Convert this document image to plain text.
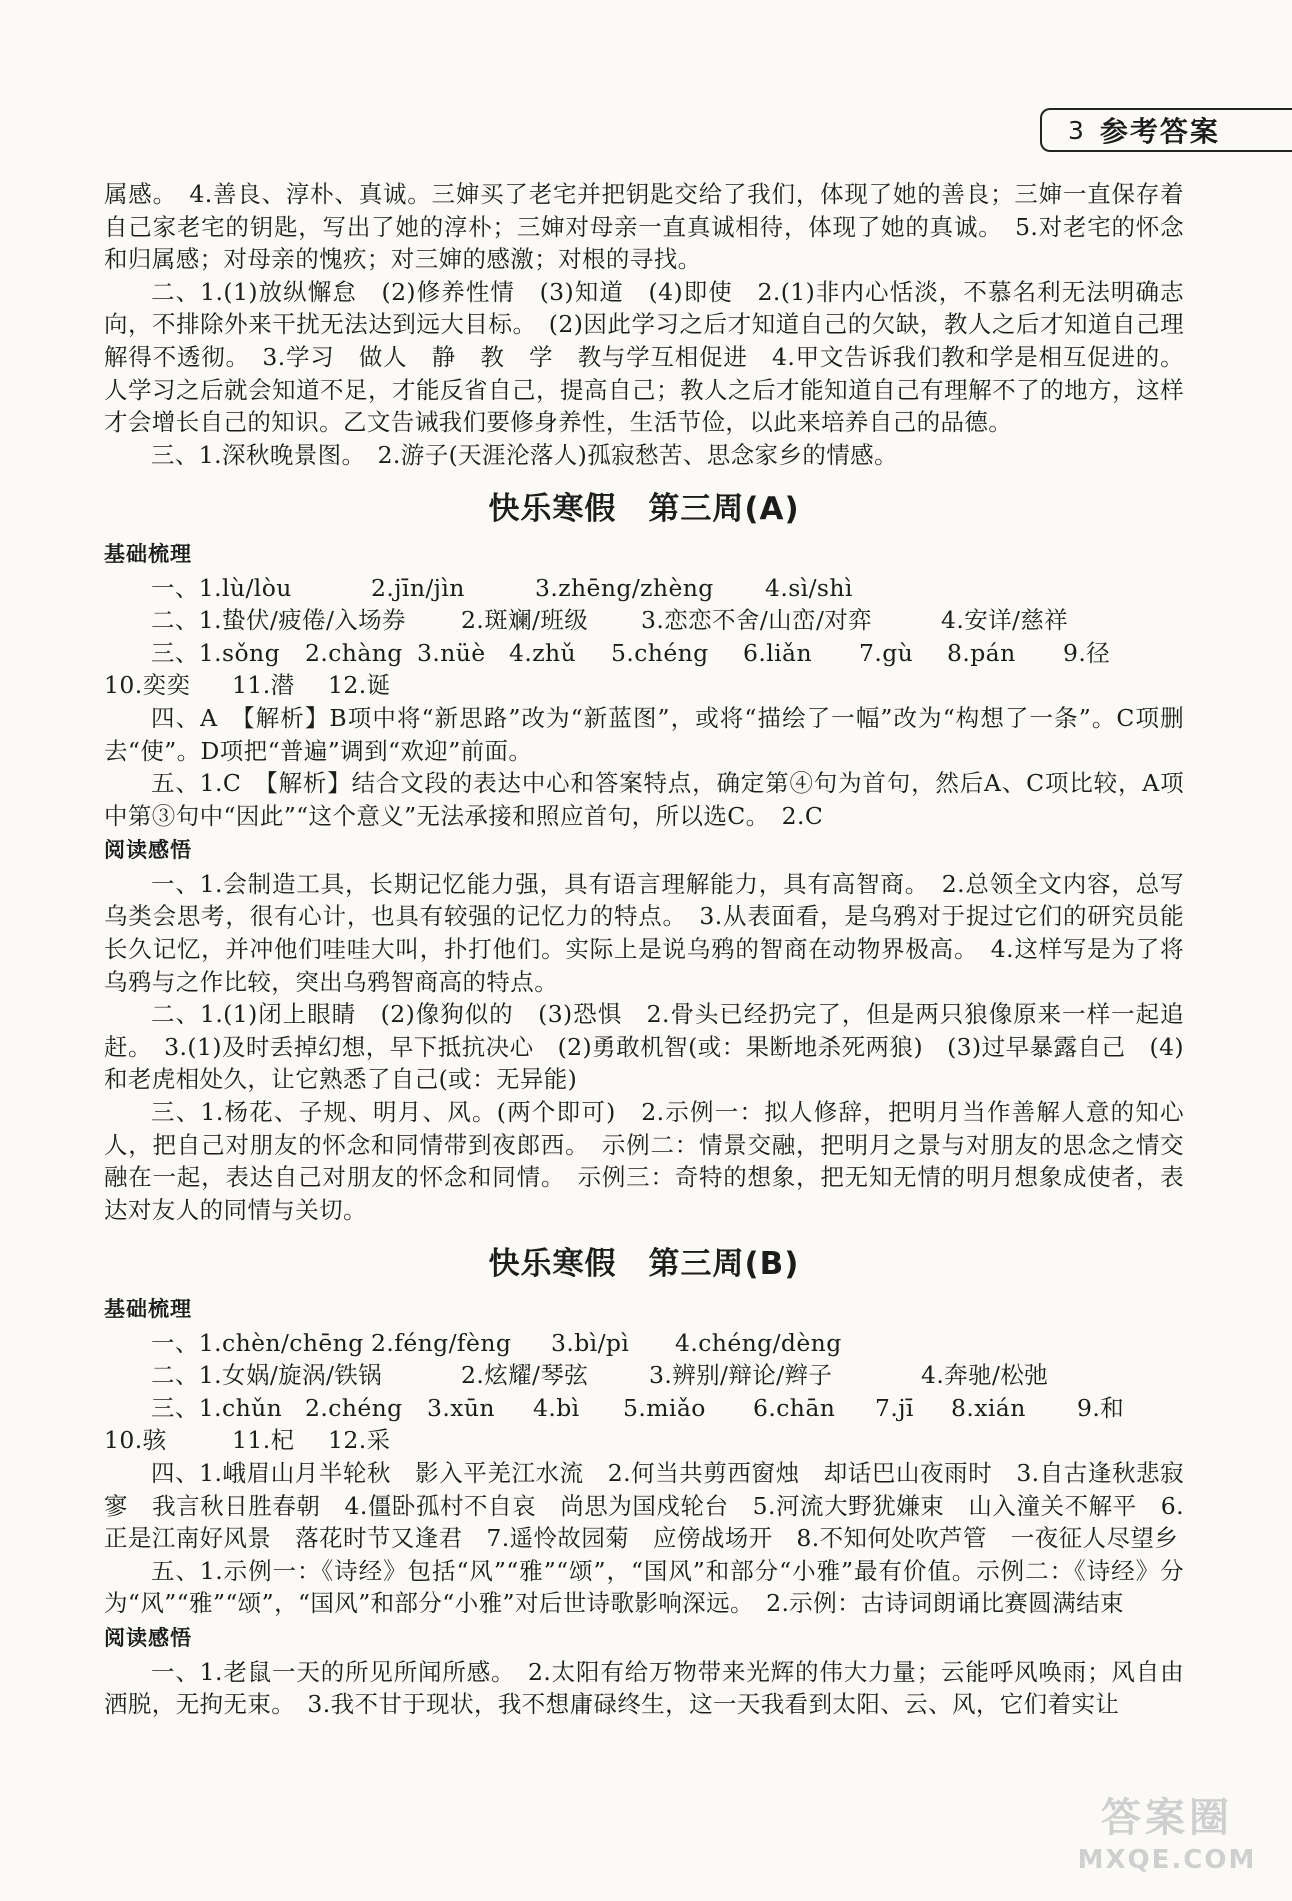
3 参考答案

属感。　4.善良、淳朴、真诚。三婶买了老宅并把钥匙交给了我们，体现了她的善良；三婶一直保存着自己家老宅的钥匙，写出了她的淳朴；三婶对母亲一直真诚相待，体现了她的真诚。　5.对老宅的怀念和归属感；对母亲的愧疚；对三婶的感激；对根的寻找。

二、1.(1)放纵懈怠　(2)修养性情　(3)知道　(4)即使　2.(1)非内心恬淡，不慕名利无法明确志向，不排除外来干扰无法达到远大目标。　(2)因此学习之后才知道自己的欠缺，教人之后才知道自己理解得不透彻。　3.学习　做人　静　教　学　教与学互相促进　4.甲文告诉我们教和学是相互促进的。人学习之后就会知道不足，才能反省自己，提高自己；教人之后才能知道自己有理解不了的地方，这样才会增长自己的知识。乙文告诫我们要修身养性，生活节俭，以此来培养自己的品德。

三、1.深秋晚景图。　2.游子(天涯沦落人)孤寂愁苦、思念家乡的情感。

快乐寒假 第三周(A)
基础梳理
一、1.lù/lòu	2.jīn/jìn	3.zhēng/zhèng	4.sì/shì
二、1.蛰伏/疲倦/入场券	2.斑斓/班级	3.恋恋不舍/山峦/对弈	4.安详/慈祥
三、1.sǒng	2.chàng 3.nüè 4.zhǔ	5.chéng	6.liǎn	7.gù	8.pán	9.径
10.奕奕	11.潜	12.诞

四、A　【解析】B项中将“新思路”改为“新蓝图”，或将“描绘了一幅”改为“构想了一条”。C项删去“使”。D项把“普遍”调到“欢迎”前面。

五、1.C　【解析】结合文段的表达中心和答案特点，确定第④句为首句，然后A、C项比较，A项中第③句中“因此”“这个意义”无法承接和照应首句，所以选C。　2.C

阅读感悟

一、1.会制造工具，长期记忆能力强，具有语言理解能力，具有高智商。　2.总领全文内容，总写乌类会思考，很有心计，也具有较强的记忆力的特点。　3.从表面看，是乌鸦对于捉过它们的研究员能长久记忆，并冲他们哇哇大叫，扑打他们。实际上是说乌鸦的智商在动物界极高。　4.这样写是为了将乌鸦与之作比较，突出乌鸦智商高的特点。

二、1.(1)闭上眼睛　(2)像狗似的　(3)恐惧　2.骨头已经扔完了，但是两只狼像原来一样一起追赶。　3.(1)及时丢掉幻想，早下抵抗决心　(2)勇敢机智(或：果断地杀死两狼)　(3)过早暴露自己　(4)和老虎相处久，让它熟悉了自己(或：无异能)

三、1.杨花、子规、明月、风。(两个即可)　2.示例一：拟人修辞，把明月当作善解人意的知心人，把自己对朋友的怀念和同情带到夜郎西。　示例二：情景交融，把明月之景与对朋友的思念之情交融在一起，表达自己对朋友的怀念和同情。　示例三：奇特的想象，把无知无情的明月想象成使者，表达对友人的同情与关切。

快乐寒假 第三周(B)
基础梳理
一、1.chèn/chēng 2.féng/fèng	3.bì/pì	4.chéng/dèng
二、1.女娲/旋涡/铁锅	2.炫耀/琴弦	3.辨别/辩论/辫子	4.奔驰/松弛
三、1.chǔn 2.chéng	3.xūn	4.bì	5.miǎo	6.chān	7.jī	8.xián	9.和
10.骇	11.杞	12.采

四、1.峨眉山月半轮秋　影入平羌江水流　2.何当共剪西窗烛　却话巴山夜雨时　3.自古逢秋悲寂寥　我言秋日胜春朝　4.僵卧孤村不自哀　尚思为国戍轮台　5.河流大野犹嫌束　山入潼关不解平　6.正是江南好风景　落花时节又逢君　7.遥怜故园菊　应傍战场开　8.不知何处吹芦管　一夜征人尽望乡

五、1.示例一：《诗经》包括“风”“雅”“颂”，“国风”和部分“小雅”最有价值。示例二：《诗经》分为“风”“雅”“颂”，“国风”和部分“小雅”对后世诗歌影响深远。　2.示例：古诗词朗诵比赛圆满结束

阅读感悟

一、1.老鼠一天的所见所闻所感。　2.太阳有给万物带来光辉的伟大力量；云能呼风唤雨；风自由洒脱，无拘无束。　3.我不甘于现状，我不想庸碌终生，这一天我看到太阳、云、风，它们着实让

答案圈
MXQE.COM
